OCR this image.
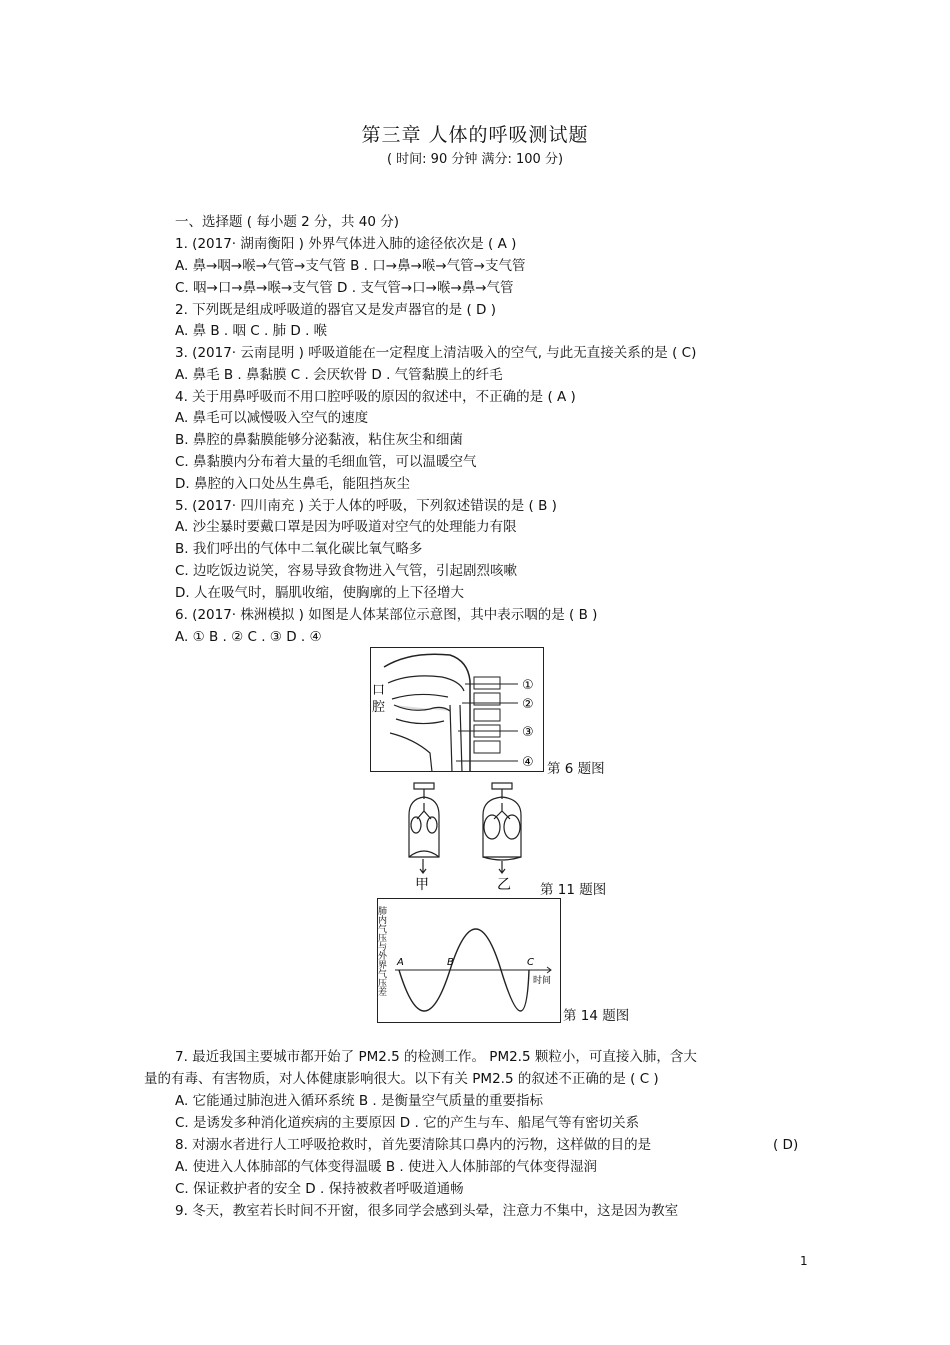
第三章 人体的呼吸测试题
( 时间: 90 分钟 满分: 100 分)
一、选择题 ( 每小题 2 分，共 40 分)
1. (2017· 湖南衡阳 ) 外界气体进入肺的途径依次是 ( A )
A. 鼻→咽→喉→气管→支气管 B . 口→鼻→喉→气管→支气管
C. 咽→口→鼻→喉→支气管 D . 支气管→口→喉→鼻→气管
2. 下列既是组成呼吸道的器官又是发声器官的是 ( D )
A. 鼻 B . 咽 C . 肺 D . 喉
3. (2017· 云南昆明 ) 呼吸道能在一定程度上清洁吸入的空气, 与此无直接关系的是 ( C)
A. 鼻毛 B . 鼻黏膜 C . 会厌软骨 D . 气管黏膜上的纤毛
4. 关于用鼻呼吸而不用口腔呼吸的原因的叙述中，不正确的是 ( A )
A. 鼻毛可以减慢吸入空气的速度
B. 鼻腔的鼻黏膜能够分泌黏液，粘住灰尘和细菌
C. 鼻黏膜内分布着大量的毛细血管，可以温暖空气
D. 鼻腔的入口处丛生鼻毛，能阻挡灰尘
5. (2017· 四川南充 ) 关于人体的呼吸，下列叙述错误的是 ( B )
A. 沙尘暴时要戴口罩是因为呼吸道对空气的处理能力有限
B. 我们呼出的气体中二氧化碳比氧气略多
C. 边吃饭边说笑，容易导致食物进入气管，引起剧烈咳嗽
D. 人在吸气时，膈肌收缩，使胸廓的上下径增大
6. (2017· 株洲模拟 ) 如图是人体某部位示意图，其中表示咽的是 ( B )
A. ① B . ② C . ③ D . ④
口
腔
①
②
③
④ 第 6 题图
甲	乙 第 11 题图
肺内气压与外界气压差	时间
A	B	C
第 14 题图
7. 最近我国主要城市都开始了 PM2.5 的检测工作。 PM2.5 颗粒小，可直接入肺，含大
量的有毒、有害物质，对人体健康影响很大。以下有关 PM2.5 的叙述不正确的是 ( C )
A. 它能通过肺泡进入循环系统 B . 是衡量空气质量的重要指标
C. 是诱发多种消化道疾病的主要原因 D . 它的产生与车、船尾气等有密切关系
8. 对溺水者进行人工呼吸抢救时，首先要清除其口鼻内的污物，这样做的目的是	( D)
A. 使进入人体肺部的气体变得温暖 B . 使进入人体肺部的气体变得湿润
C. 保证救护者的安全 D . 保持被救者呼吸道通畅
9. 冬天，教室若长时间不开窗，很多同学会感到头晕，注意力不集中，这是因为教室
1
